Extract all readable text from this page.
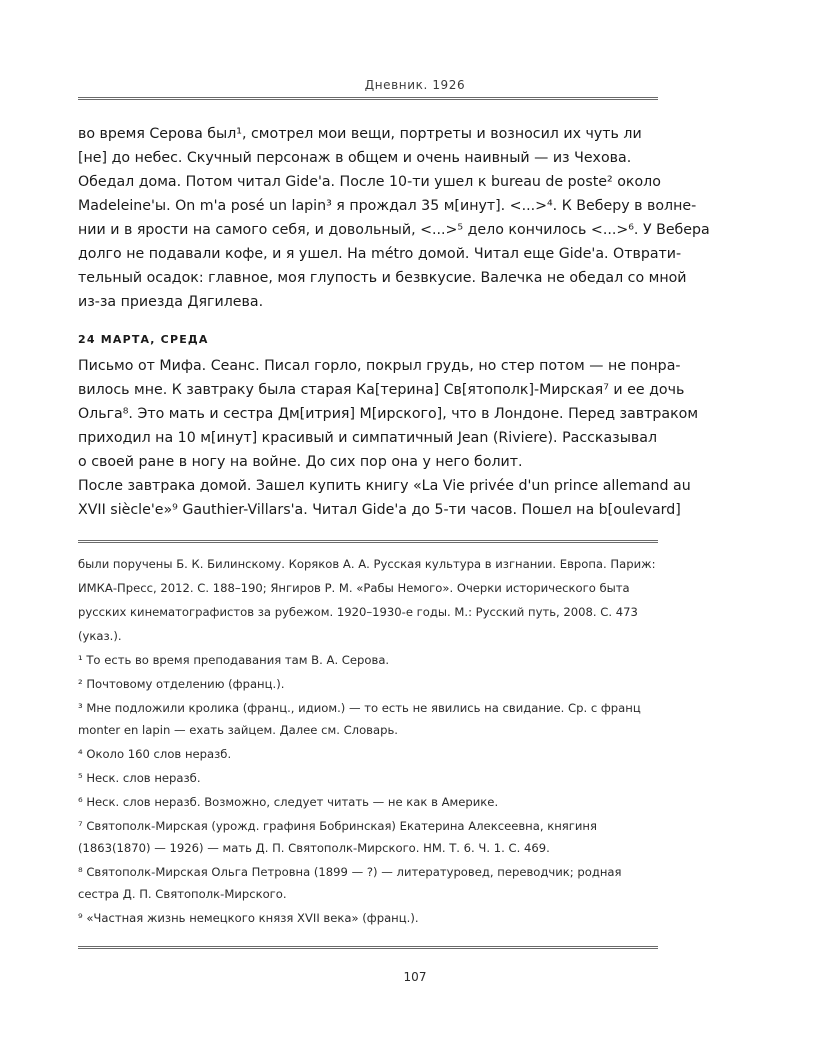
Дневник. 1926
во время Серова был¹, смотрел мои вещи, портреты и возносил их чуть ли
[не] до небес. Скучный персонаж в общем и очень наивный — из Чехова.
Обедал дома. Потом читал Gide'a. После 10-ти ушел к bureau de poste² около
Madeleine'ы. On m'a posé un lapin³ я прождал 35 м[инут]. <...>⁴. К Веберу в волне-
нии и в ярости на самого себя, и довольный, <...>⁵ дело кончилось <...>⁶. У Вебера
долго не подавали кофе, и я ушел. На métro домой. Читал еще Gide'a. Отврати-
тельный осадок: главное, моя глупость и безвкусие. Валечка не обедал со мной
из-за приезда Дягилева.
24 МАРТА, СРЕДА
Письмо от Мифа. Сеанс. Писал горло, покрыл грудь, но стер потом — не понра-
вилось мне. К завтраку была старая Ка[терина] Св[ятополк]-Мирская⁷ и ее дочь
Ольга⁸. Это мать и сестра Дм[итрия] М[ирского], что в Лондоне. Перед завтраком
приходил на 10 м[инут] красивый и симпатичный Jean (Riviere). Рассказывал
о своей ране в ногу на войне. До сих пор она у него болит.
После завтрака домой. Зашел купить книгу «La Vie privée d'un prince allemand au
XVII siècle'e»⁹ Gauthier-Villars'a. Читал Gide'a до 5-ти часов. Пошел на b[oulevard]
были поручены Б. К. Билинскому. Коряков А. А. Русская культура в изгнании. Европа. Париж:
ИМКА-Пресс, 2012. С. 188–190; Янгиров Р. М. «Рабы Немого». Очерки исторического быта
русских кинематографистов за рубежом. 1920–1930-е годы. М.: Русский путь, 2008. С. 473
(указ.).
¹ То есть во время преподавания там В. А. Серова.
² Почтовому отделению (франц.).
³ Мне подложили кролика (франц., идиом.) — то есть не явились на свидание. Ср. с франц
monter en lapin — ехать зайцем. Далее см. Словарь.
⁴ Около 160 слов неразб.
⁵ Неск. слов неразб.
⁶ Неск. слов неразб. Возможно, следует читать — не как в Америке.
⁷ Святополк-Мирская (урожд. графиня Бобринская) Екатерина Алексеевна, княгиня
(1863(1870) — 1926) — мать Д. П. Святополк-Мирского. НМ. Т. 6. Ч. 1. С. 469.
⁸ Святополк-Мирская Ольга Петровна (1899 — ?) — литературовед, переводчик; родная
сестра Д. П. Святополк-Мирского.
⁹ «Частная жизнь немецкого князя XVII века» (франц.).
107
